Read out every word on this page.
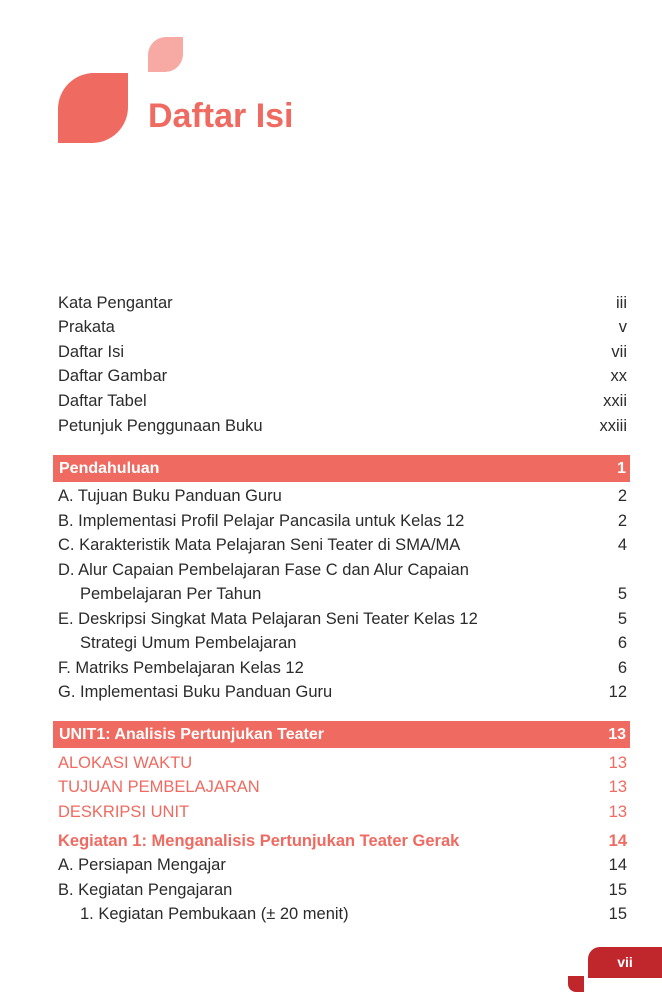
Daftar Isi
Kata Pengantar	iii
Prakata	v
Daftar Isi	vii
Daftar Gambar	xx
Daftar Tabel	xxii
Petunjuk Penggunaan Buku	xxiii
Pendahuluan	1
A. Tujuan Buku Panduan Guru	2
B. Implementasi Profil Pelajar Pancasila untuk Kelas 12	2
C. Karakteristik Mata Pelajaran Seni Teater di SMA/MA	4
D. Alur Capaian Pembelajaran Fase C dan Alur Capaian
Pembelajaran Per Tahun	5
E. Deskripsi Singkat Mata Pelajaran Seni Teater Kelas 12	5
Strategi Umum Pembelajaran	6
F. Matriks Pembelajaran Kelas 12	6
G. Implementasi Buku Panduan Guru	12
UNIT1: Analisis Pertunjukan Teater	13
ALOKASI WAKTU	13
TUJUAN PEMBELAJARAN	13
DESKRIPSI UNIT	13
Kegiatan 1: Menganalisis Pertunjukan Teater Gerak	14
A. Persiapan Mengajar	14
B. Kegiatan Pengajaran	15
1. Kegiatan Pembukaan (± 20 menit)	15
vii
